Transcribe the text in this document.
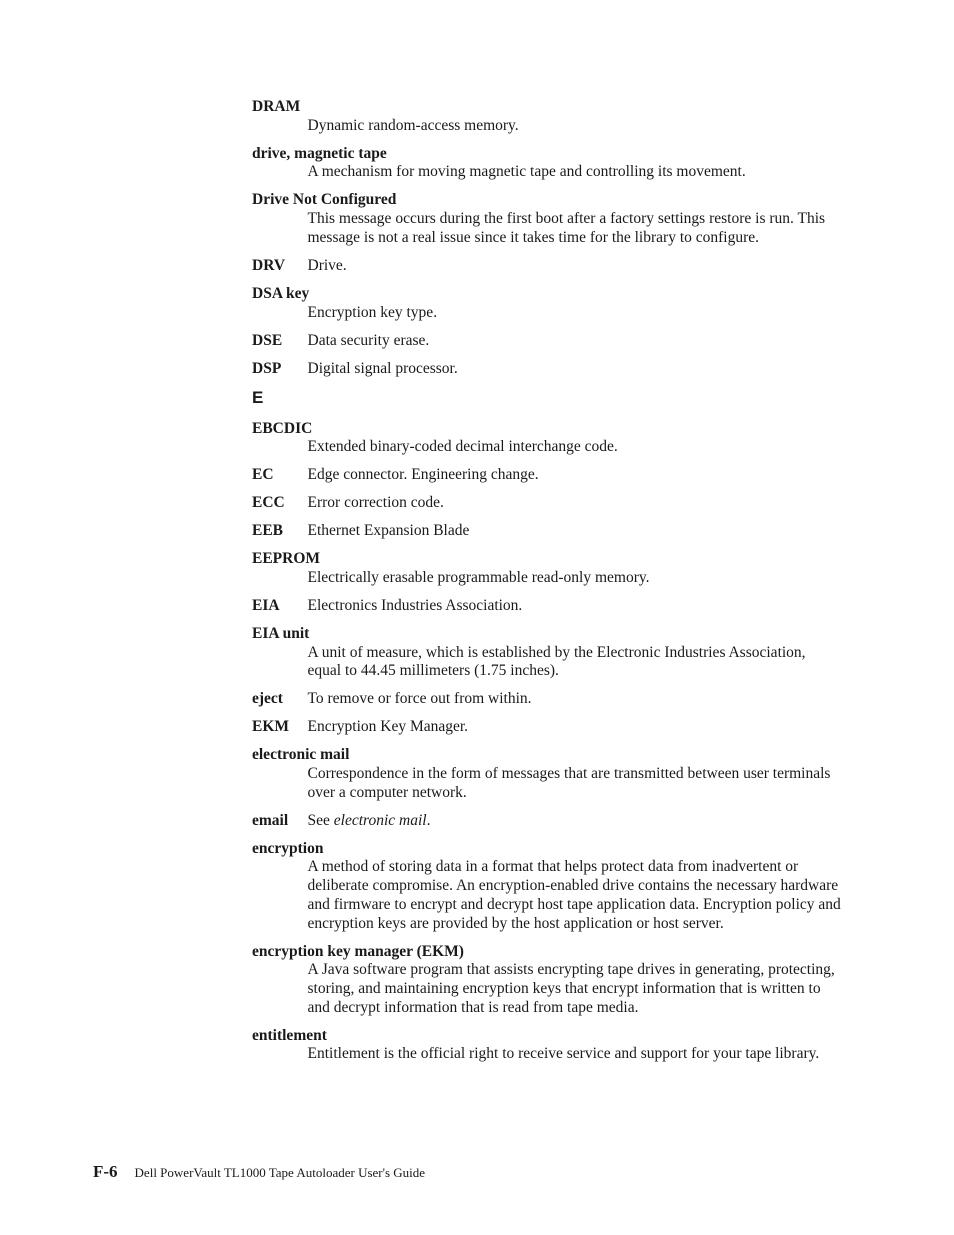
DRAM
Dynamic random-access memory.
drive, magnetic tape
A mechanism for moving magnetic tape and controlling its movement.
Drive Not Configured
This message occurs during the first boot after a factory settings restore is run. This message is not a real issue since it takes time for the library to configure.
DRV	Drive.
DSA key
Encryption key type.
DSE	Data security erase.
DSP	Digital signal processor.
E
EBCDIC
Extended binary-coded decimal interchange code.
EC	Edge connector. Engineering change.
ECC	Error correction code.
EEB	Ethernet Expansion Blade
EEPROM
Electrically erasable programmable read-only memory.
EIA	Electronics Industries Association.
EIA unit
A unit of measure, which is established by the Electronic Industries Association, equal to 44.45 millimeters (1.75 inches).
eject	To remove or force out from within.
EKM	Encryption Key Manager.
electronic mail
Correspondence in the form of messages that are transmitted between user terminals over a computer network.
email	See electronic mail.
encryption
A method of storing data in a format that helps protect data from inadvertent or deliberate compromise. An encryption-enabled drive contains the necessary hardware and firmware to encrypt and decrypt host tape application data. Encryption policy and encryption keys are provided by the host application or host server.
encryption key manager (EKM)
A Java software program that assists encrypting tape drives in generating, protecting, storing, and maintaining encryption keys that encrypt information that is written to and decrypt information that is read from tape media.
entitlement
Entitlement is the official right to receive service and support for your tape library.
F-6 Dell PowerVault TL1000 Tape Autoloader User's Guide
